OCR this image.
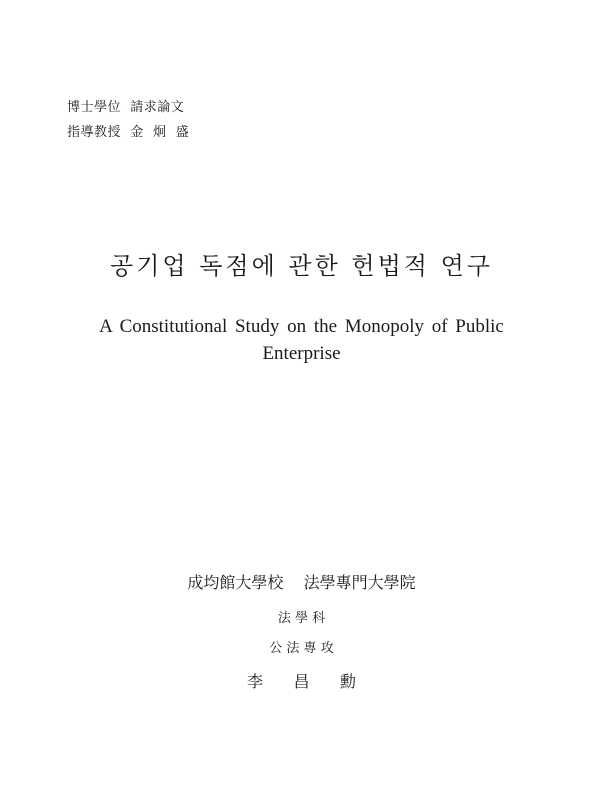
博士學位  請求論文
指導教授  金  炯  盛
공기업 독점에 관한 헌법적 연구
A Constitutional Study on the Monopoly of Public Enterprise
成均館大學校    法學專門大學院
法 學 科
公 法 專 攻
李      昌      勳
